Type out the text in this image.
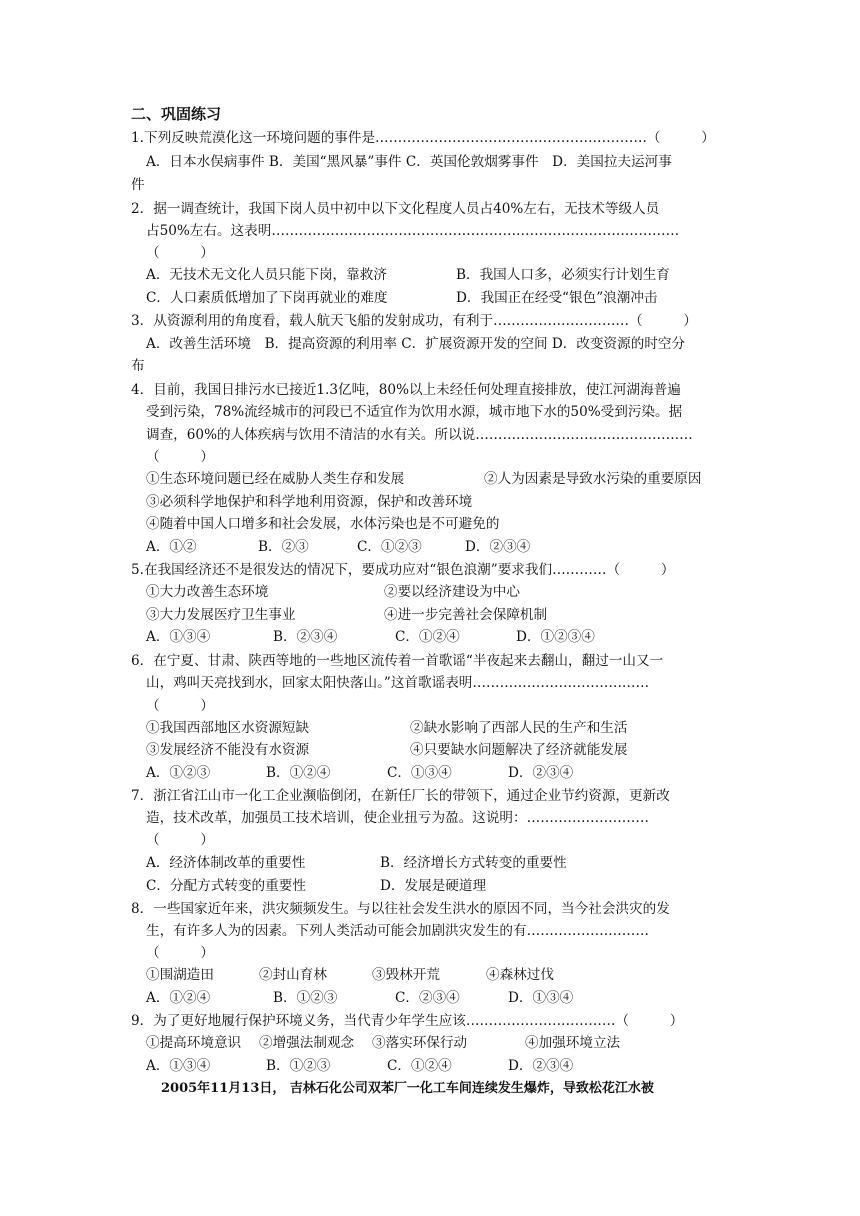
二、巩固练习
1.下列反映荒漠化这一环境问题的事件是……………………………………………………（　　　）
A．日本水俣病事件 B．美国“黑风暴”事件 C．英国伦敦烟雾事件　D．美国拉夫运河事
件
2．据一调查统计，我国下岗人员中初中以下文化程度人员占40%左右，无技术等级人员
占50%左右。这表明………………………………………………………………………………
（　　　）
A．无技术无文化人员只能下岗，靠救济	B．我国人口多，必须实行计划生育
C．人口素质低增加了下岗再就业的难度	D．我国正在经受“银色”浪潮冲击
3．从资源利用的角度看，载人航天飞船的发射成功，有利于…………………………（　　　）
A．改善生活环境　B．提高资源的利用率 C．扩展资源开发的空间 D．改变资源的时空分
布
4．目前，我国日排污水已接近1.3亿吨，80%以上未经任何处理直接排放，使江河湖海普遍
受到污染，78%流经城市的河段已不适宜作为饮用水源，城市地下水的50%受到污染。据
调查，60%的人体疾病与饮用不清洁的水有关。所以说…………………………………………
（　　　）
①生态环境问题已经在威胁人类生存和发展	②人为因素是导致水污染的重要原因
③必须科学地保护和科学地利用资源，保护和改善环境
④随着中国人口增多和社会发展，水体污染也是不可避免的
A．①②	B．②③	C．①②③	D．②③④
5.在我国经济还不是很发达的情况下，要成功应对“银色浪潮”要求我们…………（　　　）
①大力改善生态环境	②要以经济建设为中心
③大力发展医疗卫生事业	④进一步完善社会保障机制
A．①③④	B．②③④	C．①②④	D．①②③④
6．在宁夏、甘肃、陕西等地的一些地区流传着一首歌谣“半夜起来去翻山，翻过一山又一
山，鸡叫天亮找到水，回家太阳快落山。”这首歌谣表明…………………………………
（　　　）
①我国西部地区水资源短缺	②缺水影响了西部人民的生产和生活
③发展经济不能没有水资源	④只要缺水问题解决了经济就能发展
A．①②③	B．①②④	C．①③④	D．②③④
7．浙江省江山市一化工企业濒临倒闭，在新任厂长的带领下，通过企业节约资源，更新改
造，技术改革，加强员工技术培训，使企业扭亏为盈。这说明：………………………
（　　　）
A．经济体制改革的重要性	B．经济增长方式转变的重要性
C．分配方式转变的重要性	D．发展是硬道理
8．一些国家近年来，洪灾频频发生。与以往社会发生洪水的原因不同，当今社会洪灾的发
生，有许多人为的因素。下列人类活动可能会加剧洪灾发生的有………………………
（　　　）
①围湖造田	②封山育林	③毁林开荒	④森林过伐
A．①②④	B．①②③	C．②③④	D．①③④
9．为了更好地履行保护环境义务，当代青少年学生应该……………………………（　　　）
①提高环境意识 ②增强法制观念 ③落实环保行动	④加强环境立法
A．①③④	B．①②③	C．①②④	D．②③④
2005年11月13日， 吉林石化公司双苯厂一化工车间连续发生爆炸，导致松花江水被
